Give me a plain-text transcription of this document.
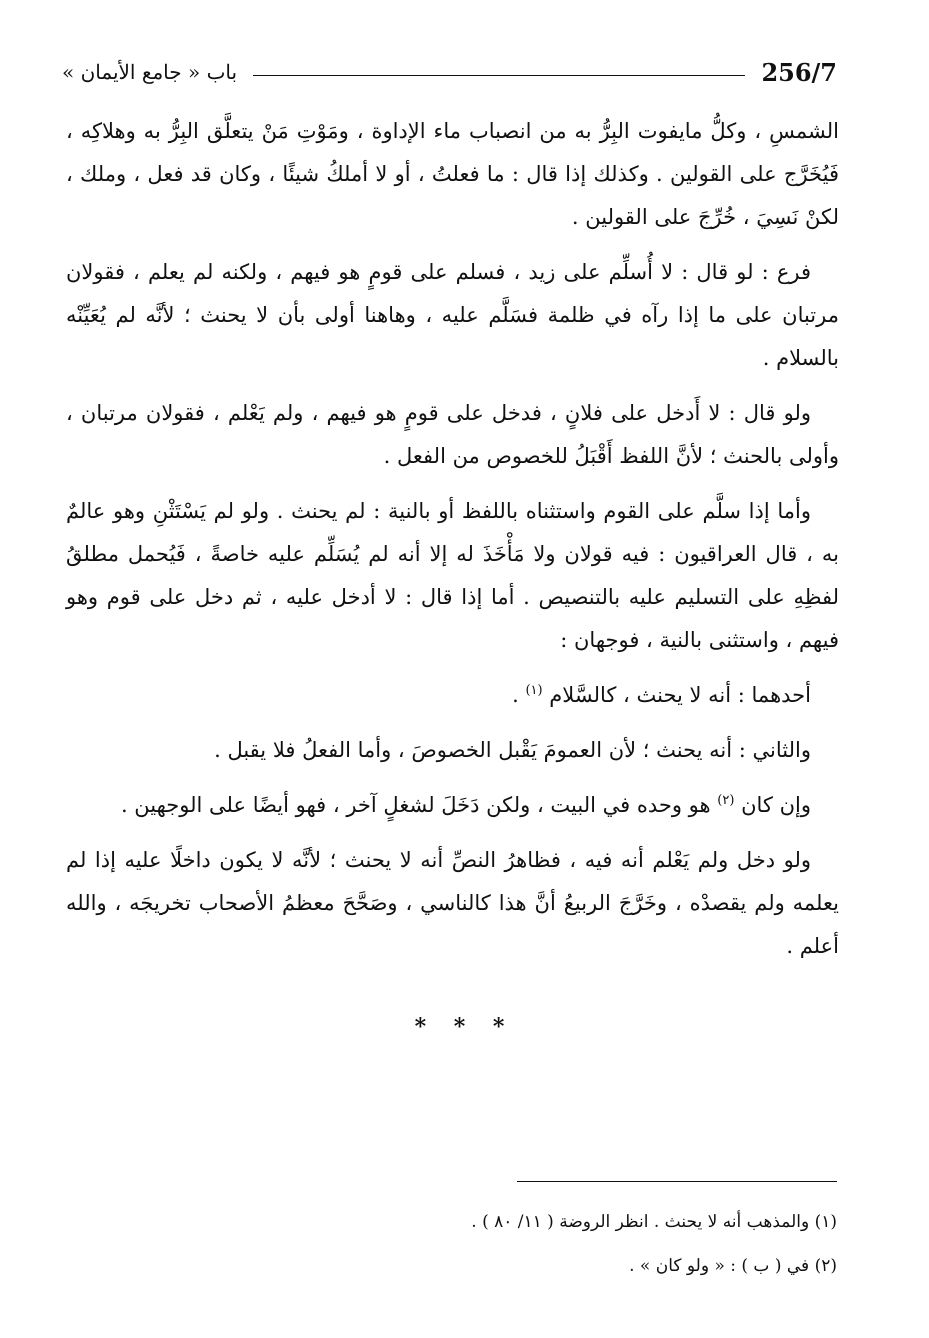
256/7
باب « جامع الأيمان »

الشمسِ ، وكلُّ مايفوت البِرُّ به من انصباب ماء الإداوة ، ومَوْتِ مَنْ يتعلَّق البِرُّ به وهلاكِه ، فَيُخَرَّج على القولين . وكذلك إذا قال : ما فعلتُ ، أو لا أملكُ شيئًا ، وكان قد فعل ، وملك ، لكنْ نَسِيَ ، خُرِّجَ على القولين .

فرع : لو قال : لا أُسلِّم على زيد ، فسلم على قومٍ هو فيهم ، ولكنه لم يعلم ، فقولان مرتبان على ما إذا رآه في ظلمة فسَلَّم عليه ، وهاهنا أولى بأن لا يحنث ؛ لأنَّه لم يُعَيِّنْه بالسلام .

ولو قال : لا أَدخل على فلانٍ ، فدخل على قومٍ هو فيهم ، ولم يَعْلم ، فقولان مرتبان ، وأولى بالحنث ؛ لأنَّ اللفظ أَقْبَلُ للخصوص من الفعل .

وأما إذا سلَّم على القوم واستثناه باللفظ أو بالنية : لم يحنث . ولو لم يَسْتَثْنِ وهو عالمٌ به ، قال العراقيون : فيه قولان ولا مَأْخَذَ له إلا أنه لم يُسَلِّم عليه خاصةً ، فَيُحمل مطلقُ لفظِهِ على التسليم عليه بالتنصيص . أما إذا قال : لا أدخل عليه ، ثم دخل على قوم وهو فيهم ، واستثنى بالنية ، فوجهان :

أحدهما : أنه لا يحنث ، كالسَّلام $^{(١)}$ .

والثاني : أنه يحنث ؛ لأن العمومَ يَقْبل الخصوصَ ، وأما الفعلُ فلا يقبل .

وإن كان $^{(٢)}$ هو وحده في البيت ، ولكن دَخَلَ لشغلٍ آخر ، فهو أيضًا على الوجهين .

ولو دخل ولم يَعْلم أنه فيه ، فظاهرُ النصِّ أنه لا يحنث ؛ لأنَّه لا يكون داخلًا عليه إذا لم يعلمه ولم يقصدْه ، وخَرَّجَ الربيعُ أنَّ هذا كالناسي ، وصَحَّحَ معظمُ الأصحاب تخريجَه ، والله أعلم .

* * *

(١) والمذهب أنه لا يحنث . انظر الروضة ( ١١/ ٨٠ ) .

(٢) في ( ب ) : « ولو كان » .
